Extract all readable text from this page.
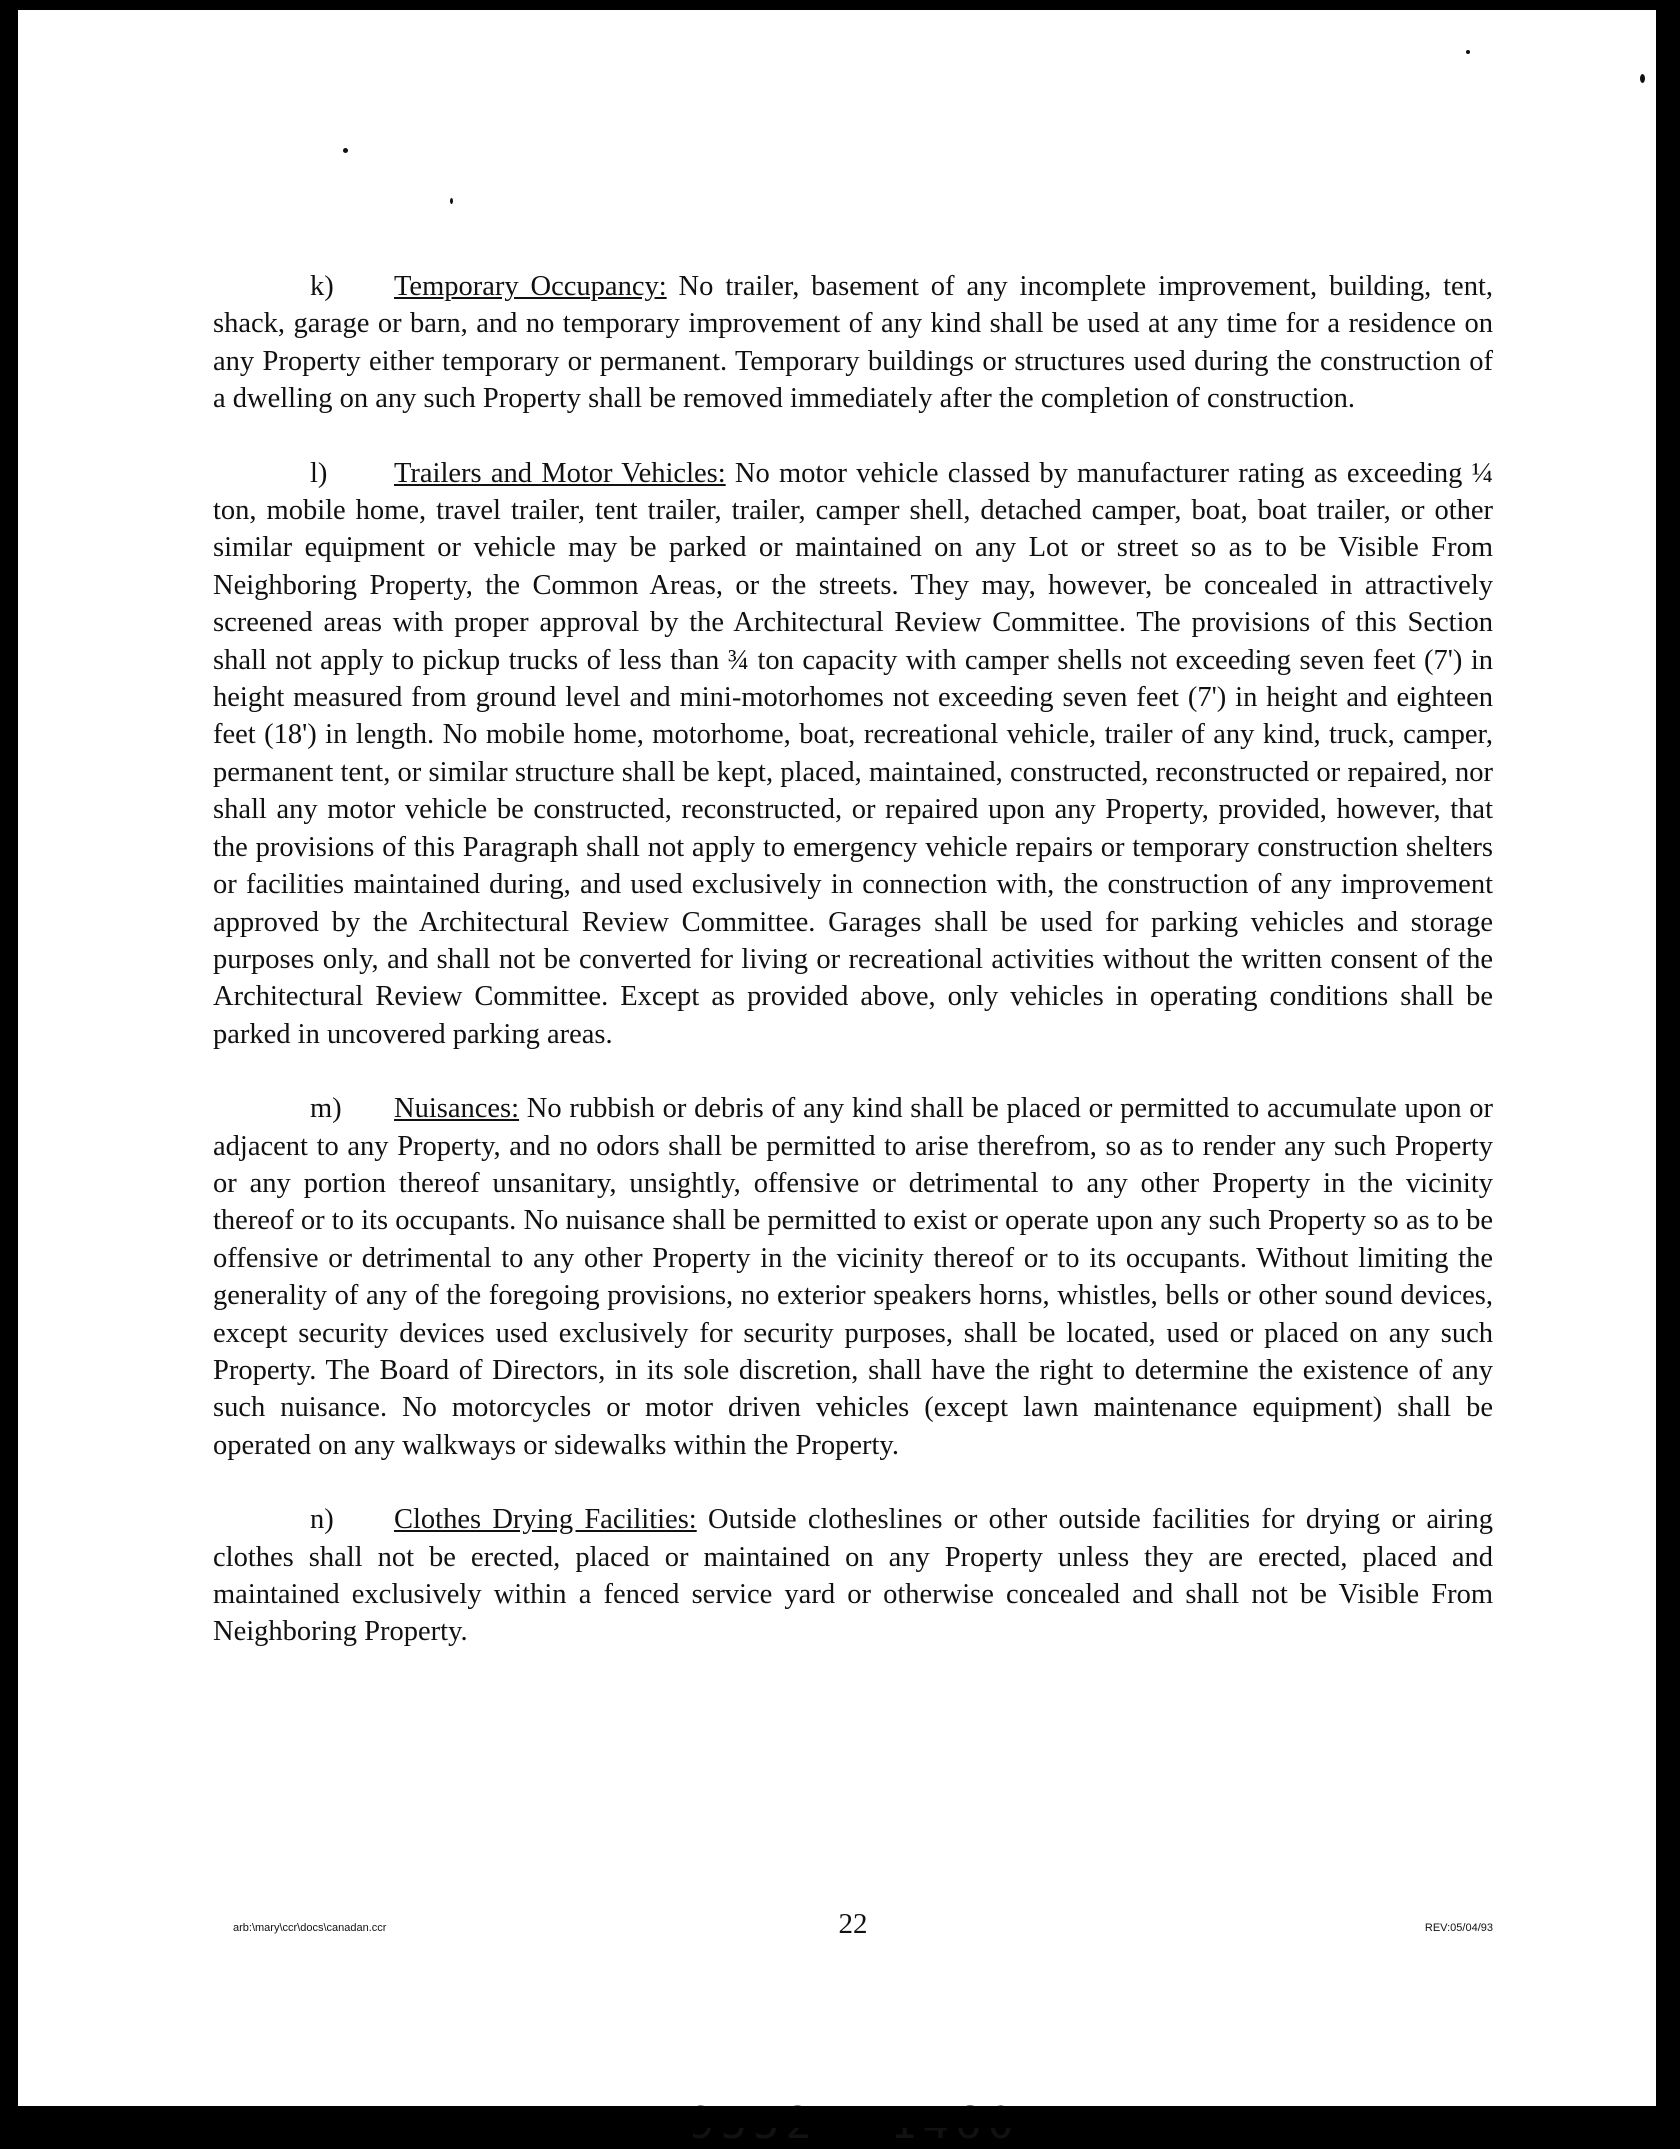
k) Temporary Occupancy: No trailer, basement of any incomplete improvement, building, tent, shack, garage or barn, and no temporary improvement of any kind shall be used at any time for a residence on any Property either temporary or permanent. Temporary buildings or structures used during the construction of a dwelling on any such Property shall be removed immediately after the completion of construction.

l) Trailers and Motor Vehicles: No motor vehicle classed by manufacturer rating as exceeding ¼ ton, mobile home, travel trailer, tent trailer, trailer, camper shell, detached camper, boat, boat trailer, or other similar equipment or vehicle may be parked or maintained on any Lot or street so as to be Visible From Neighboring Property, the Common Areas, or the streets. They may, however, be concealed in attractively screened areas with proper approval by the Architectural Review Committee. The provisions of this Section shall not apply to pickup trucks of less than ¾ ton capacity with camper shells not exceeding seven feet (7') in height measured from ground level and mini-motorhomes not exceeding seven feet (7') in height and eighteen feet (18') in length. No mobile home, motorhome, boat, recreational vehicle, trailer of any kind, truck, camper, permanent tent, or similar structure shall be kept, placed, maintained, constructed, reconstructed or repaired, nor shall any motor vehicle be constructed, reconstructed, or repaired upon any Property, provided, however, that the provisions of this Paragraph shall not apply to emergency vehicle repairs or temporary construction shelters or facilities maintained during, and used exclusively in connection with, the construction of any improvement approved by the Architectural Review Committee. Garages shall be used for parking vehicles and storage purposes only, and shall not be converted for living or recreational activities without the written consent of the Architectural Review Committee. Except as provided above, only vehicles in operating conditions shall be parked in uncovered parking areas.

m) Nuisances: No rubbish or debris of any kind shall be placed or permitted to accumulate upon or adjacent to any Property, and no odors shall be permitted to arise therefrom, so as to render any such Property or any portion thereof unsanitary, unsightly, offensive or detrimental to any other Property in the vicinity thereof or to its occupants. No nuisance shall be permitted to exist or operate upon any such Property so as to be offensive or detrimental to any other Property in the vicinity thereof or to its occupants. Without limiting the generality of any of the foregoing provisions, no exterior speakers horns, whistles, bells or other sound devices, except security devices used exclusively for security purposes, shall be located, used or placed on any such Property. The Board of Directors, in its sole discretion, shall have the right to determine the existence of any such nuisance. No motorcycles or motor driven vehicles (except lawn maintenance equipment) shall be operated on any walkways or sidewalks within the Property.

n) Clothes Drying Facilities: Outside clotheslines or other outside facilities for drying or airing clothes shall not be erected, placed or maintained on any Property unless they are erected, placed and maintained exclusively within a fenced service yard or otherwise concealed and shall not be Visible From Neighboring Property.

arb:\mary\ccr\docs\canadan.ccr	22	REV:05/04/93
